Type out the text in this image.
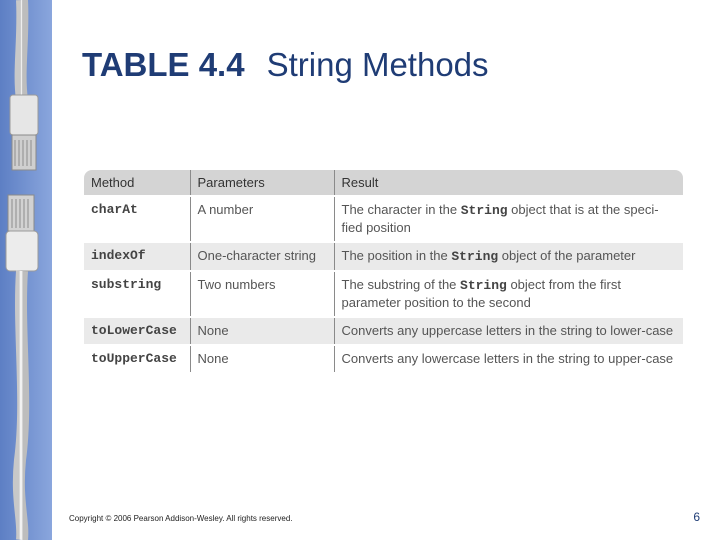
TABLE 4.4 String Methods
Method	Parameters	Result
charAt	A number	The character in the String object that is at the speci-fied position
indexOf	One-character string	The position in the String object of the parameter
substring	Two numbers	The substring of the String object from the first parameter position to the second
toLowerCase	None	Converts any uppercase letters in the string to lower-case
toUpperCase	None	Converts any lowercase letters in the string to upper-case
Copyright © 2006 Pearson Addison-Wesley. All rights reserved.	6
